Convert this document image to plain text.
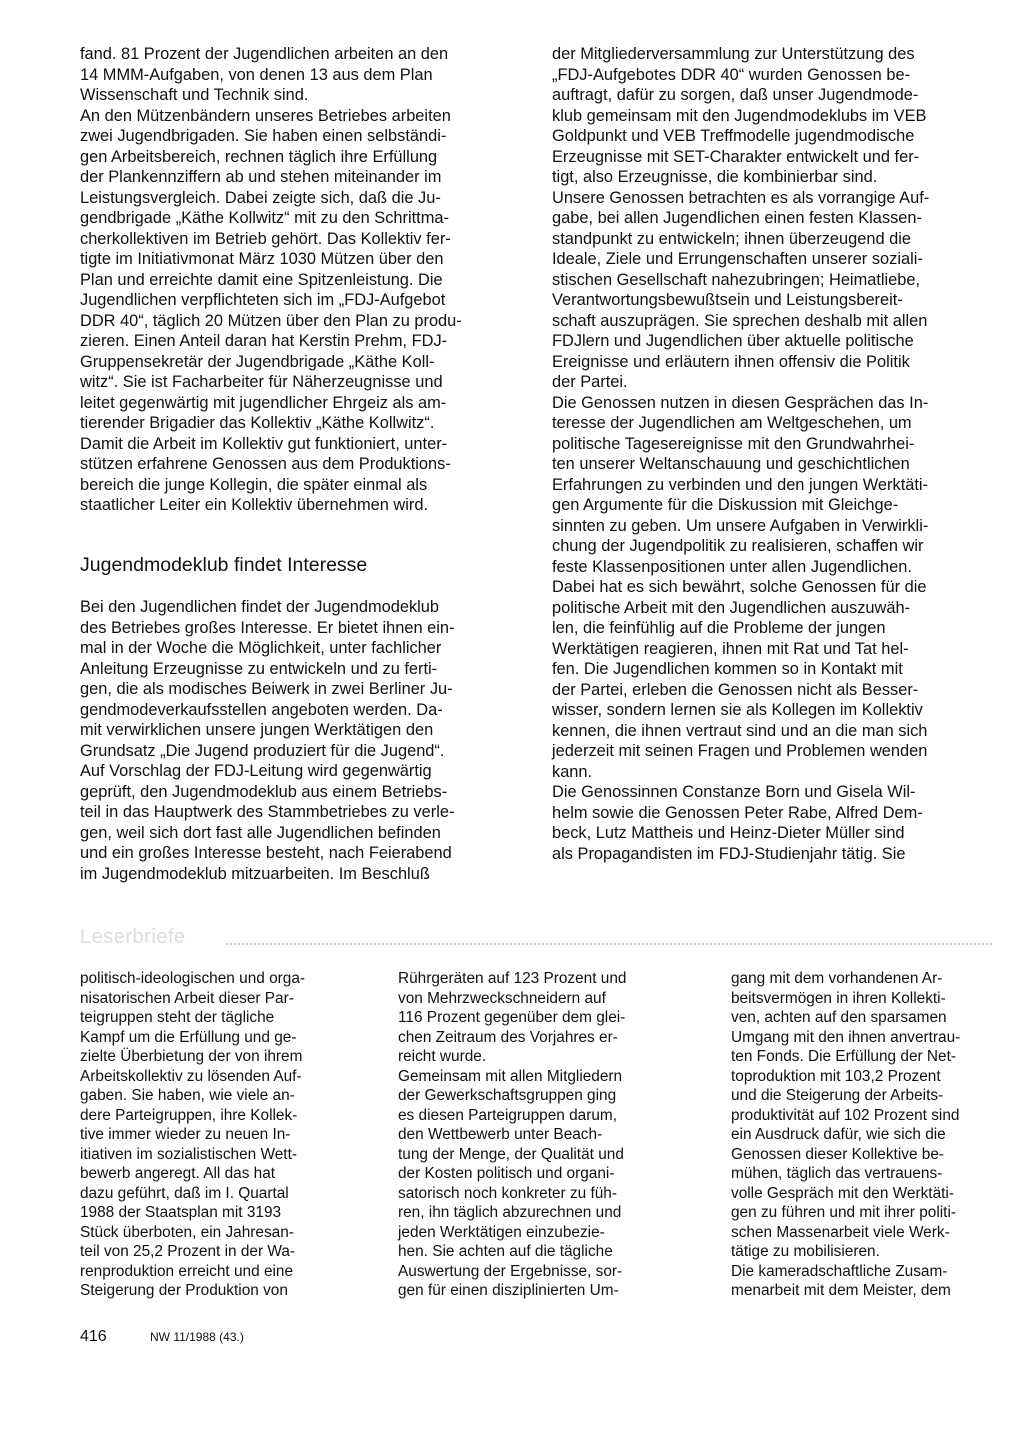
fand. 81 Prozent der Jugendlichen arbeiten an den
14 MMM-Aufgaben, von denen 13 aus dem Plan
Wissenschaft und Technik sind.
An den Mützenbändern unseres Betriebes arbeiten
zwei Jugendbrigaden. Sie haben einen selbständi-
gen Arbeitsbereich, rechnen täglich ihre Erfüllung
der Plankennziffern ab und stehen miteinander im
Leistungsvergleich. Dabei zeigte sich, daß die Ju-
gendbrigade „Käthe Kollwitz“ mit zu den Schrittma-
cherkollektiven im Betrieb gehört. Das Kollektiv fer-
tigte im Initiativmonat März 1030 Mützen über den
Plan und erreichte damit eine Spitzenleistung. Die
Jugendlichen verpflichteten sich im „FDJ-Aufgebot
DDR 40“, täglich 20 Mützen über den Plan zu produ-
zieren. Einen Anteil daran hat Kerstin Prehm, FDJ-
Gruppensekretär der Jugendbrigade „Käthe Koll-
witz“. Sie ist Facharbeiter für Näherzeugnisse und
leitet gegenwärtig mit jugendlicher Ehrgeiz als am-
tierender Brigadier das Kollektiv „Käthe Kollwitz“.
Damit die Arbeit im Kollektiv gut funktioniert, unter-
stützen erfahrene Genossen aus dem Produktions-
bereich die junge Kollegin, die später einmal als
staatlicher Leiter ein Kollektiv übernehmen wird.
Jugendmodeklub findet Interesse
Bei den Jugendlichen findet der Jugendmodeklub
des Betriebes großes Interesse. Er bietet ihnen ein-
mal in der Woche die Möglichkeit, unter fachlicher
Anleitung Erzeugnisse zu entwickeln und zu ferti-
gen, die als modisches Beiwerk in zwei Berliner Ju-
gendmodeverkaufsstellen angeboten werden. Da-
mit verwirklichen unsere jungen Werktätigen den
Grundsatz „Die Jugend produziert für die Jugend“.
Auf Vorschlag der FDJ-Leitung wird gegenwärtig
geprüft, den Jugendmodeklub aus einem Betriebs-
teil in das Hauptwerk des Stammbetriebes zu verle-
gen, weil sich dort fast alle Jugendlichen befinden
und ein großes Interesse besteht, nach Feierabend
im Jugendmodeklub mitzuarbeiten. Im Beschluß
der Mitgliederversammlung zur Unterstützung des
„FDJ-Aufgebotes DDR 40“ wurden Genossen be-
auftragt, dafür zu sorgen, daß unser Jugendmode-
klub gemeinsam mit den Jugendmodeklubs im VEB
Goldpunkt und VEB Treffmodelle jugendmodische
Erzeugnisse mit SET-Charakter entwickelt und fer-
tigt, also Erzeugnisse, die kombinierbar sind.
Unsere Genossen betrachten es als vorrangige Auf-
gabe, bei allen Jugendlichen einen festen Klassen-
standpunkt zu entwickeln; ihnen überzeugend die
Ideale, Ziele und Errungenschaften unserer soziali-
stischen Gesellschaft nahezubringen; Heimatliebe,
Verantwortungsbewußtsein und Leistungsbereit-
schaft auszuprägen. Sie sprechen deshalb mit allen
FDJlern und Jugendlichen über aktuelle politische
Ereignisse und erläutern ihnen offensiv die Politik
der Partei.
Die Genossen nutzen in diesen Gesprächen das In-
teresse der Jugendlichen am Weltgeschehen, um
politische Tagesereignisse mit den Grundwahrhei-
ten unserer Weltanschauung und geschichtlichen
Erfahrungen zu verbinden und den jungen Werktäti-
gen Argumente für die Diskussion mit Gleichge-
sinnten zu geben. Um unsere Aufgaben in Verwirkli-
chung der Jugendpolitik zu realisieren, schaffen wir
feste Klassenpositionen unter allen Jugendlichen.
Dabei hat es sich bewährt, solche Genossen für die
politische Arbeit mit den Jugendlichen auszuwäh-
len, die feinfühlig auf die Probleme der jungen
Werktätigen reagieren, ihnen mit Rat und Tat hel-
fen. Die Jugendlichen kommen so in Kontakt mit
der Partei, erleben die Genossen nicht als Besser-
wisser, sondern lernen sie als Kollegen im Kollektiv
kennen, die ihnen vertraut sind und an die man sich
jederzeit mit seinen Fragen und Problemen wenden
kann.
Die Genossinnen Constanze Born und Gisela Wil-
helm sowie die Genossen Peter Rabe, Alfred Dem-
beck, Lutz Mattheis und Heinz-Dieter Müller sind
als Propagandisten im FDJ-Studienjahr tätig. Sie
Leserbriefe
politisch-ideologischen und orga-
nisatorischen Arbeit dieser Par-
teigruppen steht der tägliche
Kampf um die Erfüllung und ge-
zielte Überbietung der von ihrem
Arbeitskollektiv zu lösenden Auf-
gaben. Sie haben, wie viele an-
dere Parteigruppen, ihre Kollek-
tive immer wieder zu neuen In-
itiativen im sozialistischen Wett-
bewerb angeregt. All das hat
dazu geführt, daß im I. Quartal
1988 der Staatsplan mit 3193
Stück überboten, ein Jahresan-
teil von 25,2 Prozent in der Wa-
renproduktion erreicht und eine
Steigerung der Produktion von
Rührgeräten auf 123 Prozent und
von Mehrzweckschneidern auf
116 Prozent gegenüber dem glei-
chen Zeitraum des Vorjahres er-
reicht wurde.
Gemeinsam mit allen Mitgliedern
der Gewerkschaftsgruppen ging
es diesen Parteigruppen darum,
den Wettbewerb unter Beach-
tung der Menge, der Qualität und
der Kosten politisch und organi-
satorisch noch konkreter zu füh-
ren, ihn täglich abzurechnen und
jeden Werktätigen einzubezie-
hen. Sie achten auf die tägliche
Auswertung der Ergebnisse, sor-
gen für einen disziplinierten Um-
gang mit dem vorhandenen Ar-
beitsvermögen in ihren Kollekti-
ven, achten auf den sparsamen
Umgang mit den ihnen anvertrau-
ten Fonds. Die Erfüllung der Net-
toproduktion mit 103,2 Prozent
und die Steigerung der Arbeits-
produktivität auf 102 Prozent sind
ein Ausdruck dafür, wie sich die
Genossen dieser Kollektive be-
mühen, täglich das vertrauens-
volle Gespräch mit den Werktäti-
gen zu führen und mit ihrer politi-
schen Massenarbeit viele Werk-
tätige zu mobilisieren.
Die kameradschaftliche Zusam-
menarbeit mit dem Meister, dem
416	NW 11/1988 (43.)
